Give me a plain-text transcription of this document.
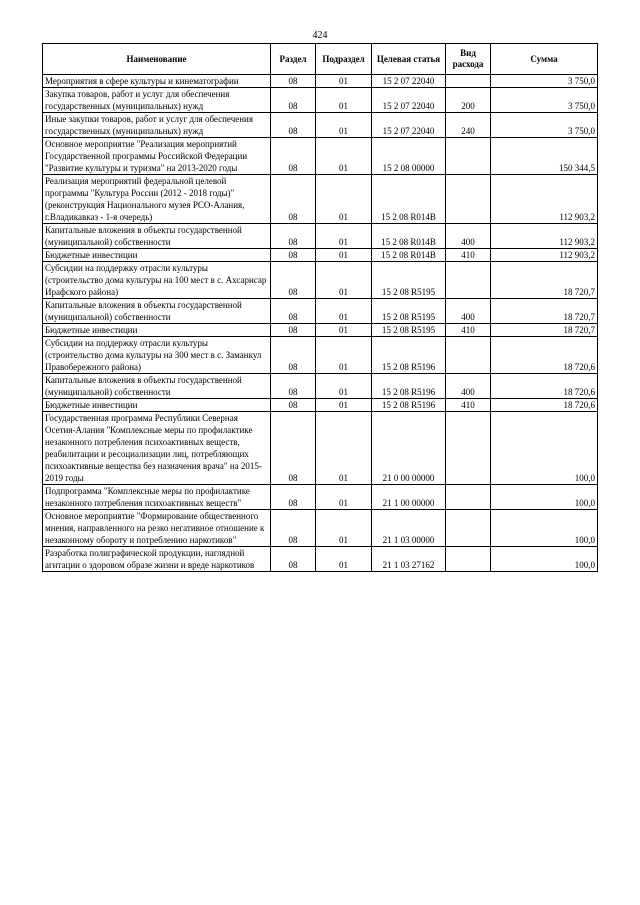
424
Наименование	Раздел	Подраздел	Целевая статья	Вид расхода	Сумма
Мероприятия в сфере культуры и кинематографии	08	01	15 2 07 22040		3 750,0
Закупка товаров, работ и услуг для обеспечения государственных (муниципальных) нужд	08	01	15 2 07 22040	200	3 750,0
Иные закупки товаров, работ и услуг для обеспечения государственных (муниципальных) нужд	08	01	15 2 07 22040	240	3 750,0
Основное мероприятие "Реализация мероприятий Государственной программы Российской Федерации "Развитие культуры и туризма" на 2013-2020 годы	08	01	15 2 08 00000		150 344,5
Реализация мероприятий федеральной целевой программы "Культура России (2012 - 2018 годы)" (реконструкция Национального музея РСО-Алания, г.Владикавказ - 1-я очередь)	08	01	15 2 08 R014B		112 903,2
Капитальные вложения в объекты государственной (муниципальной) собственности	08	01	15 2 08 R014B	400	112 903,2
Бюджетные инвестиции	08	01	15 2 08 R014B	410	112 903,2
Субсидии на поддержку отрасли культуры (строительство дома культуры на 100 мест в с. Ахсарисар Ирафского района)	08	01	15 2 08 R5195		18 720,7
Капитальные вложения в объекты государственной (муниципальной) собственности	08	01	15 2 08 R5195	400	18 720,7
Бюджетные инвестиции	08	01	15 2 08 R5195	410	18 720,7
Субсидии на поддержку отрасли культуры (строительство дома культуры на 300 мест в с. Заманкул Правобережного района)	08	01	15 2 08 R5196		18 720,6
Капитальные вложения в объекты государственной (муниципальной) собственности	08	01	15 2 08 R5196	400	18 720,6
Бюджетные инвестиции	08	01	15 2 08 R5196	410	18 720,6
Государственная программа Республики Северная Осетия-Алания "Комплексные меры по профилактике незаконного потребления психоактивных веществ, реабилитации и ресоциализации лиц, потребляющих психоактивные вещества без назначения врача" на 2015-2019 годы	08	01	21 0 00 00000		100,0
Подпрограмма "Комплексные меры по профилактике незаконного потребления психоактивных веществ"	08	01	21 1 00 00000		100,0
Основное мероприятие "Формирование общественного мнения, направленного на резко негативное отношение к незаконному обороту и потреблению наркотиков"	08	01	21 1 03 00000		100,0
Разработка полиграфической продукции, наглядной агитации о здоровом образе жизни и вреде наркотиков	08	01	21 1 03 27162		100,0
